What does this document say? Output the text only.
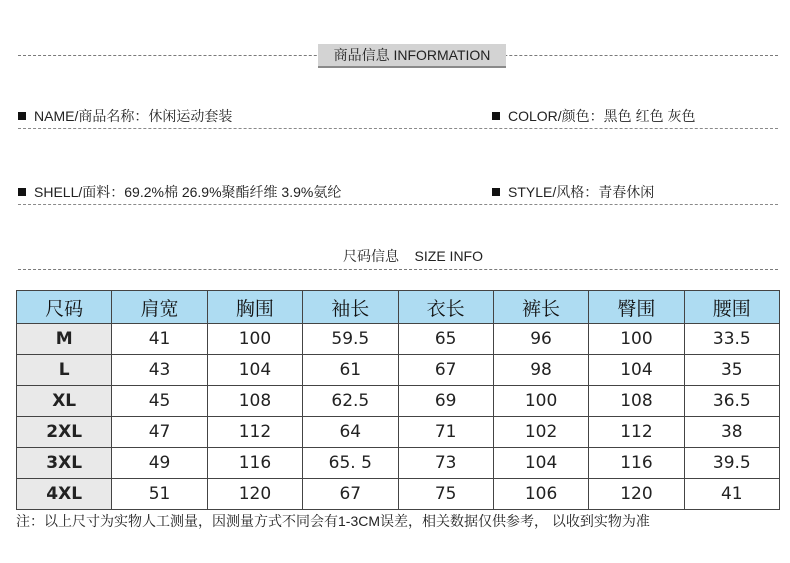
商品信息 INFORMATION
NAME/商品名称：休闲运动套装	COLOR/颜色：黑色 红色 灰色
SHELL/面料：69.2%棉 26.9%聚酯纤维 3.9%氨纶	STYLE/风格：青春休闲
尺码信息    SIZE INFO
尺码	肩宽	胸围	袖长	衣长	裤长	臀围	腰围
M	41	100	59.5	65	96	100	33.5
L	43	104	61	67	98	104	35
XL	45	108	62.5	69	100	108	36.5
2XL	47	112	64	71	102	112	38
3XL	49	116	65. 5	73	104	116	39.5
4XL	51	120	67	75	106	120	41
注：以上尺寸为实物人工测量，因测量方式不同会有1-3CM误差，相关数据仅供参考， 以收到实物为准
